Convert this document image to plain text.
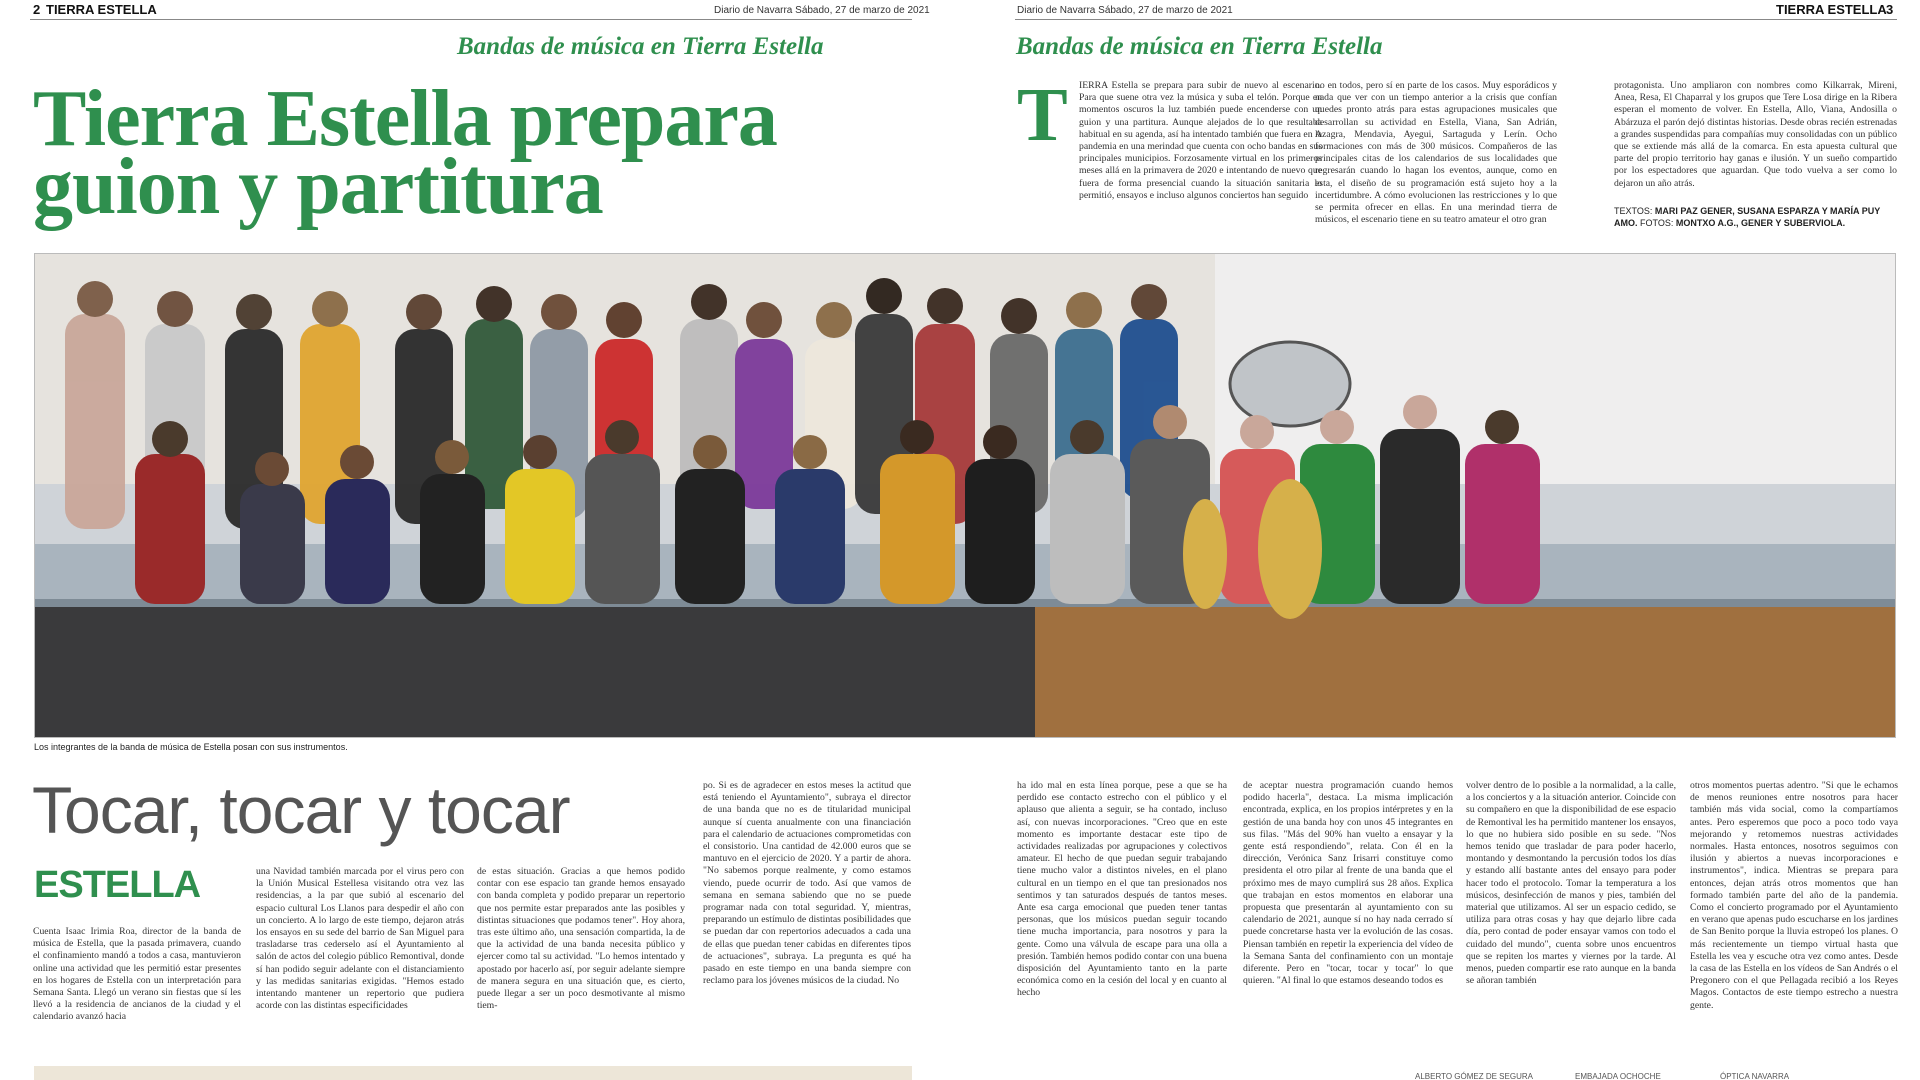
2 TIERRA ESTELLA	Diario de Navarra Sábado, 27 de marzo de 2021	Diario de Navarra Sábado, 27 de marzo de 2021	TIERRA ESTELLA 3
Bandas de música en Tierra Estella	Bandas de música en Tierra Estella
Tierra Estella prepara
guion y partitura
T IERRA Estella se prepara para subir de nuevo al escenario. Para que suene otra vez la música y suba el telón. Porque en momentos oscuros la luz también puede encenderse con un guion y una partitura. Aunque alejados de lo que resultaba habitual en su agenda, así ha intentado también que fuera en la pandemia en una merindad que cuenta con ocho bandas en sus principales municipios. Forzosamente virtual en los primeros meses allá en la primavera de 2020 e intentando de nuevo que fuera de forma presencial cuando la situación sanitaria lo permitió, ensayos e incluso algunos conciertos han seguido
no en todos, pero sí en parte de los casos. Muy esporádicos y nada que ver con un tiempo anterior a la crisis que confían quedes pronto atrás para estas agrupaciones musicales que desarrollan su actividad en Estella, Viana, San Adrián, Azagra, Mendavia, Ayegui, Sartaguda y Lerín. Ocho formaciones con más de 300 músicos. Compañeros de las principales citas de los calendarios de sus localidades que regresarán cuando lo hagan los eventos, aunque, como en esta, el diseño de su programación está sujeto hoy a la incertidumbre. A cómo evolucionen las restricciones y lo que se permita ofrecer en ellas. En una merindad tierra de músicos, el escenario tiene en su teatro amateur el otro gran
protagonista. Uno ampliaron con nombres como Kilkarrak, Mireni, Anea, Resa, El Chaparral y los grupos que Tere Losa dirige en la Ribera esperan el momento de volver. En Estella, Allo, Viana, Andosilla o Abárzuza el parón dejó distintas historias. Desde obras recién estrenadas a grandes suspendidas para compañías muy consolidadas con un público que se extiende más allá de la comarca. En esta apuesta cultural que parte del propio territorio hay ganas e ilusión. Y un sueño compartido por los espectadores que aguardan. Que todo vuelva a ser como lo dejaron un año atrás.
TEXTOS: MARI PAZ GENER, SUSANA ESPARZA Y MARÍA PUY AMO. FOTOS: MONTXO A.G., GENER Y SUBERVIOLA.
Los integrantes de la banda de música de Estella posan con sus instrumentos.
Tocar, tocar y tocar
ESTELLA
Cuenta Isaac Irimia Roa, director de la banda de música de Estella, que la pasada primavera, cuando el confinamiento mandó a todos a casa, mantuvieron online una actividad que les permitió estar presentes en los hogares de Estella con un interpretación para Semana Santa. Llegó un verano sin fiestas que sí les llevó a la residencia de ancianos de la ciudad y el calendario avanzó hacia
una Navidad también marcada por el virus pero con la Unión Musical Estellesa visitando otra vez las residencias, a la par que subió al escenario del espacio cultural Los Llanos para despedir el año con un concierto. A lo largo de este tiempo, dejaron atrás los ensayos en su sede del barrio de San Miguel para trasladarse tras cederselo así el Ayuntamiento al salón de actos del colegio público Remontival, donde sí han podido seguir adelante con el distanciamiento y las medidas sanitarias exigidas. "Hemos estado intentando mantener un repertorio que pudiera acorde con las distintas especificidades
de estas situación. Gracias a que hemos podido contar con ese espacio tan grande hemos ensayado con banda completa y podido preparar un repertorio que nos permite estar preparados ante las posibles y distintas situaciones que podamos tener". Hoy ahora, tras este último año, una sensación compartida, la de que la actividad de una banda necesita público y ejercer como tal su actividad. "Lo hemos intentado y apostado por hacerlo así, por seguir adelante siempre de manera segura en una situación que, es cierto, puede llegar a ser un poco desmotivante al mismo tiem-
po. Si es de agradecer en estos meses la actitud que está teniendo el Ayuntamiento", subraya el director de una banda que no es de titularidad municipal aunque sí cuenta anualmente con una financiación para el calendario de actuaciones comprometidas con el consistorio. Una cantidad de 42.000 euros que se mantuvo en el ejercicio de 2020. Y a partir de ahora. "No sabemos porque realmente, y como estamos viendo, puede ocurrir de todo. Así que vamos de semana en semana sabiendo que no se puede programar nada con total seguridad. Y, mientras, preparando un estímulo de distintas posibilidades que se puedan dar con repertorios adecuados a cada una de ellas que puedan tener cabidas en diferentes tipos de actuaciones", subraya. La pregunta es qué ha pasado en este tiempo en una banda siempre con reclamo para los jóvenes músicos de la ciudad. No
ha ido mal en esta línea porque, pese a que se ha perdido ese contacto estrecho con el público y el aplauso que alienta a seguir, se ha contado, incluso así, con nuevas incorporaciones. "Creo que en este momento es importante destacar este tipo de actividades realizadas por agrupaciones y colectivos amateur. El hecho de que puedan seguir trabajando tiene mucho valor a distintos niveles, en el plano cultural en un tiempo en el que tan presionados nos sentimos y tan saturados después de tantos meses. Ante esa carga emocional que pueden tener tantas personas, que los músicos puedan seguir tocando tiene mucha importancia, para nosotros y para la gente. Como una válvula de escape para una olla a presión. También hemos podido contar con una buena disposición del Ayuntamiento tanto en la parte económica como en la cesión del local y en cuanto al hecho
de aceptar nuestra programación cuando hemos podido hacerla", destaca. La misma implicación encontrada, explica, en los propios intérpretes y en la gestión de una banda hoy con unos 45 integrantes en sus filas. "Más del 90% han vuelto a ensayar y la gente está respondiendo", relata. Con él en la dirección, Verónica Sanz Irisarri constituye como presidenta el otro pilar al frente de una banda que el próximo mes de mayo cumplirá sus 28 años. Explica que trabajan en estos momentos en elaborar una propuesta que presentarán al ayuntamiento con su calendario de 2021, aunque sí no hay nada cerrado sí puede concretarse hasta ver la evolución de las cosas. Piensan también en repetir la experiencia del vídeo de la Semana Santa del confinamiento con un montaje diferente. Pero en "tocar, tocar y tocar" lo que quieren. "Al final lo que estamos deseando todos es
volver dentro de lo posible a la normalidad, a la calle, a los conciertos y a la situación anterior. Coincide con su compañero en que la disponibilidad de ese espacio de Remontival les ha permitido mantener los ensayos, lo que no hubiera sido posible en su sede. "Nos hemos tenido que trasladar de para poder hacerlo, montando y desmontando la percusión todos los días y estando allí bastante antes del ensayo para poder hacer todo el protocolo. Tomar la temperatura a los músicos, desinfección de manos y pies, también del material que utilizamos. Al ser un espacio cedido, se utiliza para otras cosas y hay que dejarlo libre cada día, pero contad de poder ensayar vamos con todo el cuidado del mundo", cuenta sobre unos encuentros que se repiten los martes y viernes por la tarde. Al menos, pueden compartir ese rato aunque en la banda se añoran también
otros momentos puertas adentro. "Si que le echamos de menos reuniones entre nosotros para hacer también más vida social, como la compartíamos antes. Pero esperemos que poco a poco todo vaya mejorando y retomemos nuestras actividades normales. Hasta entonces, nosotros seguimos con ilusión y abiertos a nuevas incorporaciones e instrumentos", indica. Mientras se prepara para entonces, dejan atrás otros momentos que han formado también parte del año de la pandemia. Como el concierto programado por el Ayuntamiento en verano que apenas pudo escucharse en los jardines de San Benito porque la lluvia estropeó los planes. O más recientemente un tiempo virtual hasta que Estella les vea y escuche otra vez como antes. Desde la casa de las Estella en los vídeos de San Andrés o el Pregonero con el que Pellagada recibió a los Reyes Magos. Contactos de este tiempo estrecho a nuestra gente.
ALBERTO GÓMEZ DE SEGURA	EMBAJADA OCHOCHE	ÓPTICA NAVARRA
